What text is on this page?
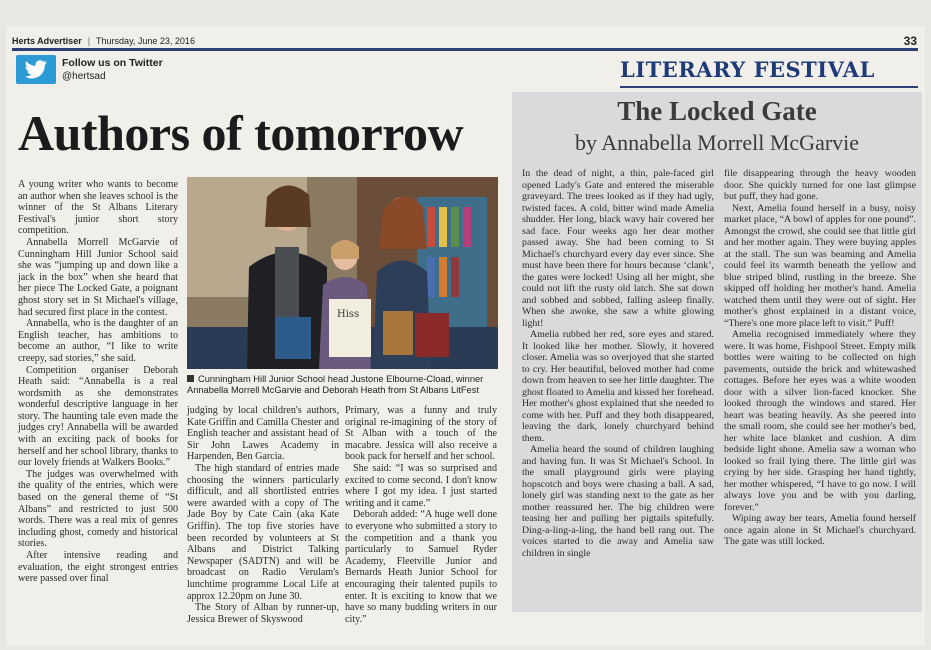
Herts Advertiser | Thursday, June 23, 2016	33
Follow us on Twitter
@hertsad	LITERARY FESTIVAL
Authors of tomorrow

A young writer who wants to become an author when she leaves school is the winner of the St Albans Literary Festival's junior short story competition.

Annabella Morrell McGarvie of Cunningham Hill Junior School said she was “jumping up and down like a jack in the box” when she heard that her piece The Locked Gate, a poignant ghost story set in St Michael's village, had secured first place in the contest.

Annabella, who is the daughter of an English teacher, has ambitions to become an author, “I like to write creepy, sad stories,” she said.

Competition organiser Deborah Heath said: “Annabella is a real wordsmith as she demonstrates wonderful descriptive language in her story. The haunting tale even made the judges cry! Annabella will be awarded with an exciting pack of books for herself and her school library, thanks to our lovely friends at Walkers Books.”

The judges was overwhelmed with the quality of the entries, which were based on the general theme of “St Albans” and restricted to just 500 words. There was a real mix of genres including ghost, comedy and historical stories.

After intensive reading and evaluation, the eight strongest entries were passed over final

Hiss
Cunningham Hill Junior School head Justone Elbourne-Cload, winner Annabella Morrell McGarvie and Deborah Heath from St Albans LitFest

judging by local children's authors, Kate Griffin and Camilla Chester and English teacher and assistant head of Sir John Lawes Academy in Harpenden, Ben Garcia.

The high standard of entries made choosing the winners particularly difficult, and all shortlisted entries were awarded with a copy of The Jade Boy by Cate Cain (aka Kate Griffin). The top five stories have been recorded by volunteers at St Albans and District Talking Newspaper (SADTN) and will be broadcast on Radio Verulam's lunchtime programme Local Life at approx 12.20pm on June 30.

The Story of Alban by runner-up, Jessica Brewer of Skyswood

Primary, was a funny and truly original re-imagining of the story of St Alban with a touch of the macabre. Jessica will also receive a book pack for herself and her school.

She said: “I was so surprised and excited to come second. I don't know where I got my idea. I just started writing and it came.”

Deborah added: “A huge well done to everyone who submitted a story to the competition and a thank you particularly to Samuel Ryder Academy, Fleetville Junior and Bernards Heath Junior School for encouraging their talented pupils to enter. It is exciting to know that we have so many budding writers in our city.”

The Locked Gate
by Annabella Morrell McGarvie

In the dead of night, a thin, pale-faced girl opened Lady's Gate and entered the miserable graveyard. The trees looked as if they had ugly, twisted faces. A cold, bitter wind made Amelia shudder. Her long, black wavy hair covered her sad face. Four weeks ago her dear mother passed away. She had been coming to St Michael's churchyard every day ever since. She must have been there for hours because ‘clank’, the gates were locked! Using all her might, she could not lift the rusty old latch. She sat down and sobbed and sobbed, falling asleep finally. When she awoke, she saw a white glowing light!

Amelia rubbed her red, sore eyes and stared. It looked like her mother. Slowly, it hovered closer. Amelia was so overjoyed that she started to cry. Her beautiful, beloved mother had come down from heaven to see her little daughter. The ghost floated to Amelia and kissed her forehead. Her mother's ghost explained that she needed to come with her. Puff and they both disappeared, leaving the dark, lonely churchyard behind them.

Amelia heard the sound of children laughing and having fun. It was St Michael's School. In the small playground girls were playing hopscotch and boys were chasing a ball. A sad, lonely girl was standing next to the gate as her mother reassured her. The big children were teasing her and pulling her pigtails spitefully. Ding-a-ling-a-ling, the hand bell rang out. The voices started to die away and Amelia saw children in single

file disappearing through the heavy wooden door. She quickly turned for one last glimpse but puff, they had gone.

Next, Amelia found herself in a busy, noisy market place, “A bowl of apples for one pound”. Amongst the crowd, she could see that little girl and her mother again. They were buying apples at the stall. The sun was beaming and Amelia could feel its warmth beneath the yellow and blue striped blind, rustling in the breeze. She skipped off holding her mother's hand. Amelia watched them until they were out of sight. Her mother's ghost explained in a distant voice, “There's one more place left to visit.” Puff!

Amelia recognised immediately where they were. It was home, Fishpool Street. Empty milk bottles were waiting to be collected on high pavements, outside the brick and whitewashed cottages. Before her eyes was a white wooden door with a silver lion-faced knocker. She looked through the windows and stared. Her heart was beating heavily. As she peered into the small room, she could see her mother's bed, her white lace blanket and cushion. A dim bedside light shone. Amelia saw a woman who looked so frail lying there. The little girl was crying by her side. Grasping her hand tightly, her mother whispered, “I have to go now. I will always love you and be with you darling, forever.”

Wiping away her tears, Amelia found herself once again alone in St Michael's churchyard. The gate was still locked.
